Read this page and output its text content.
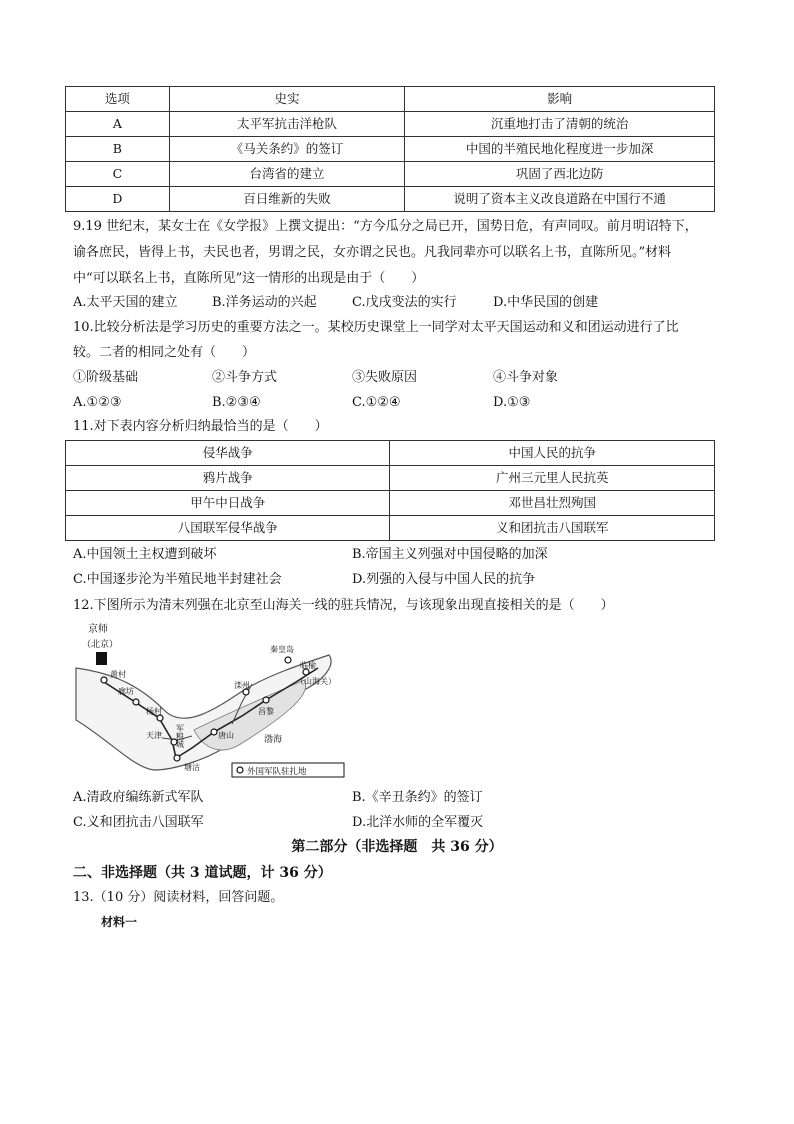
选项	史实	影响
A	太平军抗击洋枪队	沉重地打击了清朝的统治
B	《马关条约》的签订	中国的半殖民地化程度进一步加深
C	台湾省的建立	巩固了西北边防
D	百日维新的失败	说明了资本主义改良道路在中国行不通
9.19 世纪末，某女士在《女学报》上撰文提出：“方今瓜分之局已开，国势日危，有声同叹。前月明诏特下，
谕各庶民，皆得上书，夫民也者，男谓之民，女亦谓之民也。凡我同辈亦可以联名上书，直陈所见。”材料
中“可以联名上书，直陈所见”这一情形的出现是由于（　　）
A.太平天国的建立	B.洋务运动的兴起	C.戊戌变法的实行	D.中华民国的创建
10.比较分析法是学习历史的重要方法之一。某校历史课堂上一同学对太平天国运动和义和团运动进行了比
较。二者的相同之处有（　　）
①阶级基础	②斗争方式	③失败原因	④斗争对象
A.①②③	B.②③④	C.①②④	D.①③
11.对下表内容分析归纳最恰当的是（　　）
侵华战争	中国人民的抗争
鸦片战争	广州三元里人民抗英
甲午中日战争	邓世昌壮烈殉国
八国联军侵华战争	义和团抗击八国联军
A.中国领土主权遭到破坏	B.帝国主义列强对中国侵略的加深
C.中国逐步沦为半殖民地半封建社会	D.列强的入侵与中国人民的抗争
12.下图所示为清末列强在北京至山海关一线的驻兵情况，与该现象出现直接相关的是（　　）
京师
（北京）
黄村
廊坊
杨村
天津 军粮城
塘沽
唐山
滦州
昌黎
秦皇岛
临榆
（山海关）
渤海
外国军队驻扎地
A.清政府编练新式军队	B.《辛丑条约》的签订
C.义和团抗击八国联军	D.北洋水师的全军覆灭
第二部分（非选择题　共 36 分）
二、非选择题（共 3 道试题，计 36 分）
13.（10 分）阅读材料，回答问题。
材料一
